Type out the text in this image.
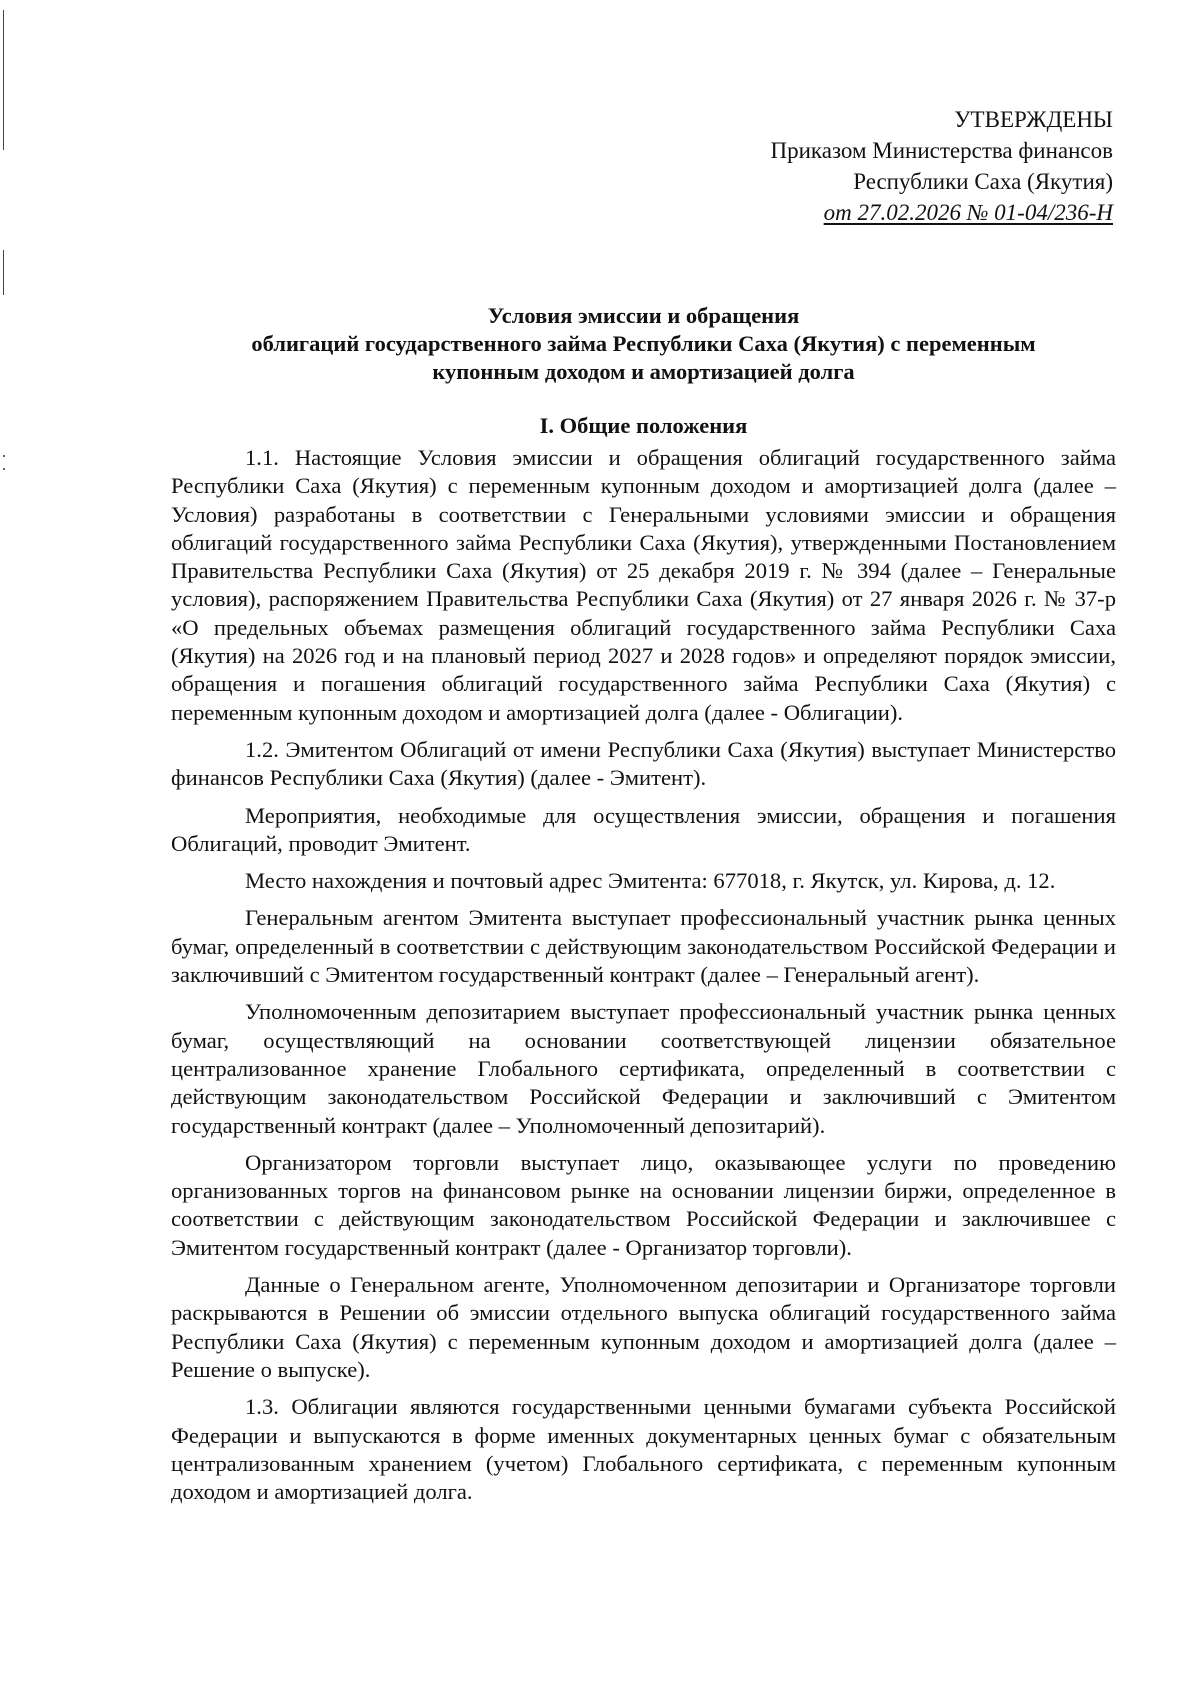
УТВЕРЖДЕНЫ
Приказом Министерства финансов
Республики Саха (Якутия)
от 27.02.2026 № 01-04/236-Н
Условия эмиссии и обращения
облигаций государственного займа Республики Саха (Якутия) с переменным
купонным доходом и амортизацией долга
I. Общие положения

1.1. Настоящие Условия эмиссии и обращения облигаций государственного займа Республики Саха (Якутия) с переменным купонным доходом и амортизацией долга (далее – Условия) разработаны в соответствии с Генеральными условиями эмиссии и обращения облигаций государственного займа Республики Саха (Якутия), утвержденными Постановлением Правительства Республики Саха (Якутия) от 25 декабря 2019 г. № 394 (далее – Генеральные условия), распоряжением Правительства Республики Саха (Якутия) от 27 января 2026 г. № 37-р «О предельных объемах размещения облигаций государственного займа Республики Саха (Якутия) на 2026 год и на плановый период 2027 и 2028 годов» и определяют порядок эмиссии, обращения и погашения облигаций государственного займа Республики Саха (Якутия) с переменным купонным доходом и амортизацией долга (далее - Облигации).

1.2. Эмитентом Облигаций от имени Республики Саха (Якутия) выступает Министерство финансов Республики Саха (Якутия) (далее - Эмитент).

Мероприятия, необходимые для осуществления эмиссии, обращения и погашения Облигаций, проводит Эмитент.

Место нахождения и почтовый адрес Эмитента: 677018, г. Якутск, ул. Кирова, д. 12.

Генеральным агентом Эмитента выступает профессиональный участник рынка ценных бумаг, определенный в соответствии с действующим законодательством Российской Федерации и заключивший с Эмитентом государственный контракт (далее – Генеральный агент).

Уполномоченным депозитарием выступает профессиональный участник рынка ценных бумаг, осуществляющий на основании соответствующей лицензии обязательное централизованное хранение Глобального сертификата, определенный в соответствии с действующим законодательством Российской Федерации и заключивший с Эмитентом государственный контракт (далее – Уполномоченный депозитарий).

Организатором торговли выступает лицо, оказывающее услуги по проведению организованных торгов на финансовом рынке на основании лицензии биржи, определенное в соответствии с действующим законодательством Российской Федерации и заключившее с Эмитентом государственный контракт (далее - Организатор торговли).

Данные о Генеральном агенте, Уполномоченном депозитарии и Организаторе торговли раскрываются в Решении об эмиссии отдельного выпуска облигаций государственного займа Республики Саха (Якутия) с переменным купонным доходом и амортизацией долга (далее – Решение о выпуске).

1.3. Облигации являются государственными ценными бумагами субъекта Российской Федерации и выпускаются в форме именных документарных ценных бумаг с обязательным централизованным хранением (учетом) Глобального сертификата, с переменным купонным доходом и амортизацией долга.
